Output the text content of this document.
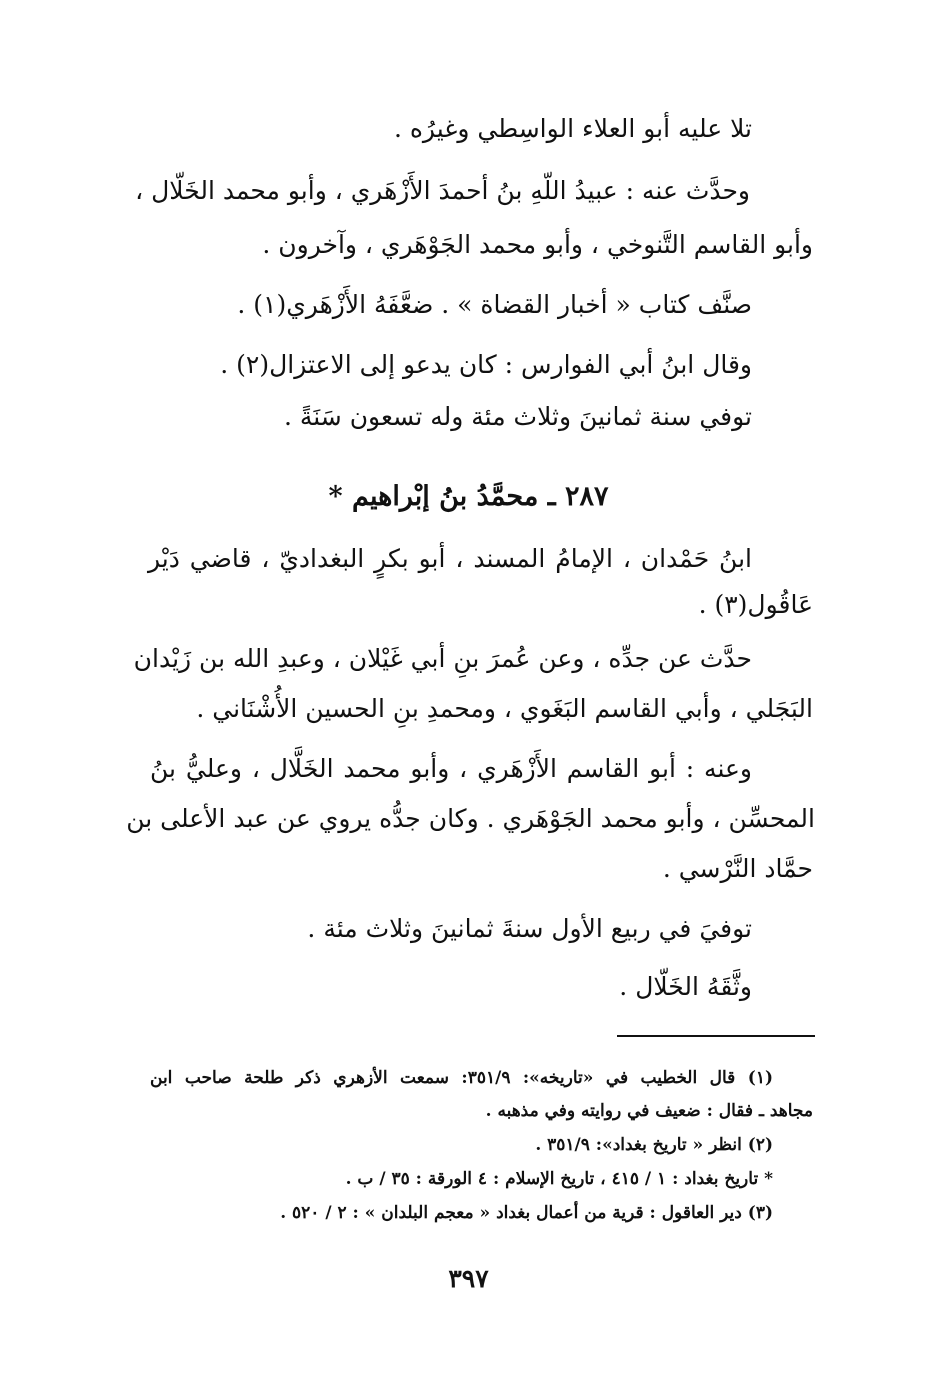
تلا عليه أبو العلاء الواسِطي وغيرُه .
وحدَّث عنه : عبيدُ اللّهِ بنُ أحمدَ الأَزْهَري ، وأبو محمد الخَلّال ،
وأبو القاسم التَّنوخي ، وأبو محمد الجَوْهَري ، وآخرون .
صنَّف كتاب « أخبار القضاة » . ضعَّفَهُ الأَزْهَري(١) .
وقال ابنُ أبي الفوارس : كان يدعو إلى الاعتزال(٢) .
توفي سنة ثمانينَ وثلاث مئة وله تسعون سَنَةً .
٢٨٧ ـ محمَّدُ بنُ إبْراهيم *
ابنُ حَمْدان ، الإمامُ المسند ، أبو بكرٍ البغداديّ ، قاضي دَيْر
عَاقُول(٣) .
حدَّث عن جدِّه ، وعن عُمرَ بنِ أبي غَيْلان ، وعبدِ الله بن زَيْدان
البَجَلي ، وأبي القاسم البَغَوي ، ومحمدِ بنِ الحسين الأُشْنَاني .
وعنه : أبو القاسم الأَزْهَري ، وأبو محمد الخَلَّال ، وعليُّ بنُ
المحسِّن ، وأبو محمد الجَوْهَري . وكان جدُّه يروي عن عبد الأعلى بن
حمَّاد النَّرْسي .
توفيَ في ربيع الأول سنةَ ثمانينَ وثلاث مئة .
وثَّقَهُ الخَلّال .
(١) قال الخطيب في «تاريخه»: ٣٥١/٩: سمعت الأزهري ذكر طلحة صاحب ابن
مجاهد ـ فقال : ضعيف في روايته وفي مذهبه .
(٢) انظر « تاريخ بغداد»: ٣٥١/٩ .
* تاريخ بغداد : ١ / ٤١٥ ، تاريخ الإسلام : ٤ الورقة : ٣٥ / ب .
(٣) دير العاقول : قرية من أعمال بغداد « معجم البلدان » : ٢ / ٥٢٠ .
٣٩٧
